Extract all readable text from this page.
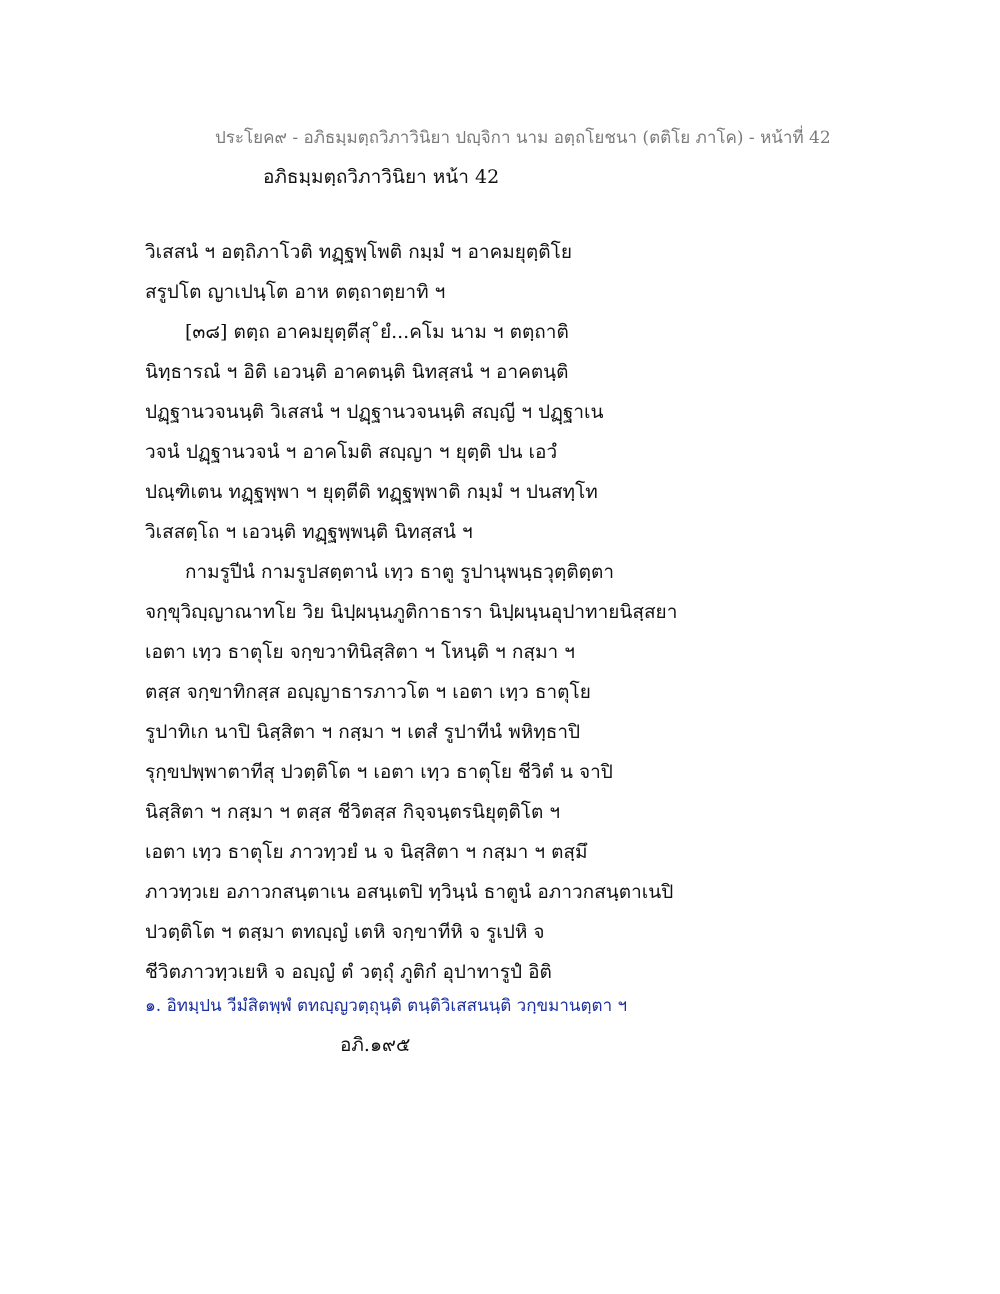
ประโยค๙ - อภิธมฺมตฺถวิภาวินิยา ปญฺจิกา นาม อตฺถโยชนา (ตติโย ภาโค) - หน้าที่ 42
อภิธมฺมตฺถวิภาวินิยา หน้า 42
วิเสสนํ ฯ อตฺถิภาโวติ ทฏฺฐพฺโพติ กมฺมํ ฯ อาคมยุตฺติโย
สรูปโต ญาเปนฺโต อาห ตตฺถาตฺยาทิ ฯ
[๓๘] ตตฺถ อาคมยุตฺตีสุ˚ยํ...คโม นาม ฯ ตตฺถาติ
นิทฺธารณํ ฯ อิติ เอวนฺติ อาคตนฺติ นิทสฺสนํ ฯ อาคตนฺติ
ปฏฺฐานวจนนฺติ วิเสสนํ ฯ ปฏฺฐานวจนนฺติ สญฺญี ฯ ปฏฺฐาเน
วจนํ ปฏฺฐานวจนํ ฯ อาคโมติ สญฺญา ฯ ยุตฺติ ปน เอวํ
ปณฺฑิเตน ทฏฺฐพฺพา ฯ ยุตฺตีติ ทฏฺฐพฺพาติ กมฺมํ ฯ ปนสทฺโท
วิเสสตฺโถ ฯ เอวนฺติ ทฏฺฐพฺพนฺติ นิทสฺสนํ ฯ
กามรูปีนํ กามรูปสตฺตานํ เทฺว ธาตู รูปานุพนฺธวุตฺติตฺตา
จกฺขุวิญฺญาณาทโย วิย นิปฺผนฺนภูติกาธารา นิปฺผนฺนอุปาทายนิสฺสยา
เอตา เทฺว ธาตุโย จกฺขวาทินิสฺสิตา ฯ โหนฺติ ฯ กสฺมา ฯ
ตสฺส จกฺขาทิกสฺส อญฺญาธารภาวโต ฯ เอตา เทฺว ธาตุโย
รูปาทิเก นาปิ นิสฺสิตา ฯ กสฺมา ฯ เตสํ รูปาทีนํ พหิทฺธาปิ
รุกฺขปพฺพาตาทีสุ ปวตฺติโต ฯ เอตา เทฺว ธาตุโย ชีวิตํ น จาปิ
นิสฺสิตา ฯ กสฺมา ฯ ตสฺส ชีวิตสฺส กิจฺจนฺตรนิยุตฺติโต ฯ
เอตา เทฺว ธาตุโย ภาวทฺวยํ น จ นิสฺสิตา ฯ กสฺมา ฯ ตสฺมึ
ภาวทฺวเย อภาวกสนฺตาเน อสนฺเตปิ ทฺวินฺนํ ธาตูนํ อภาวกสนฺตาเนปิ
ปวตฺติโต ฯ ตสฺมา ตทญฺญํ เตหิ จกฺขาทีหิ จ รูเปหิ จ
ชีวิตภาวทฺวเยหิ จ อญฺญํ ตํ วตฺถุํ ภูติกํ อุปาทารูปํ อิติ
๑. อิทมฺปน วีมํสิตพฺพํ ตทญฺญวตฺถุนฺติ ตนฺติวิเสสนนฺติ วกฺขมานตฺตา ฯ
อภิ.๑๙๕
